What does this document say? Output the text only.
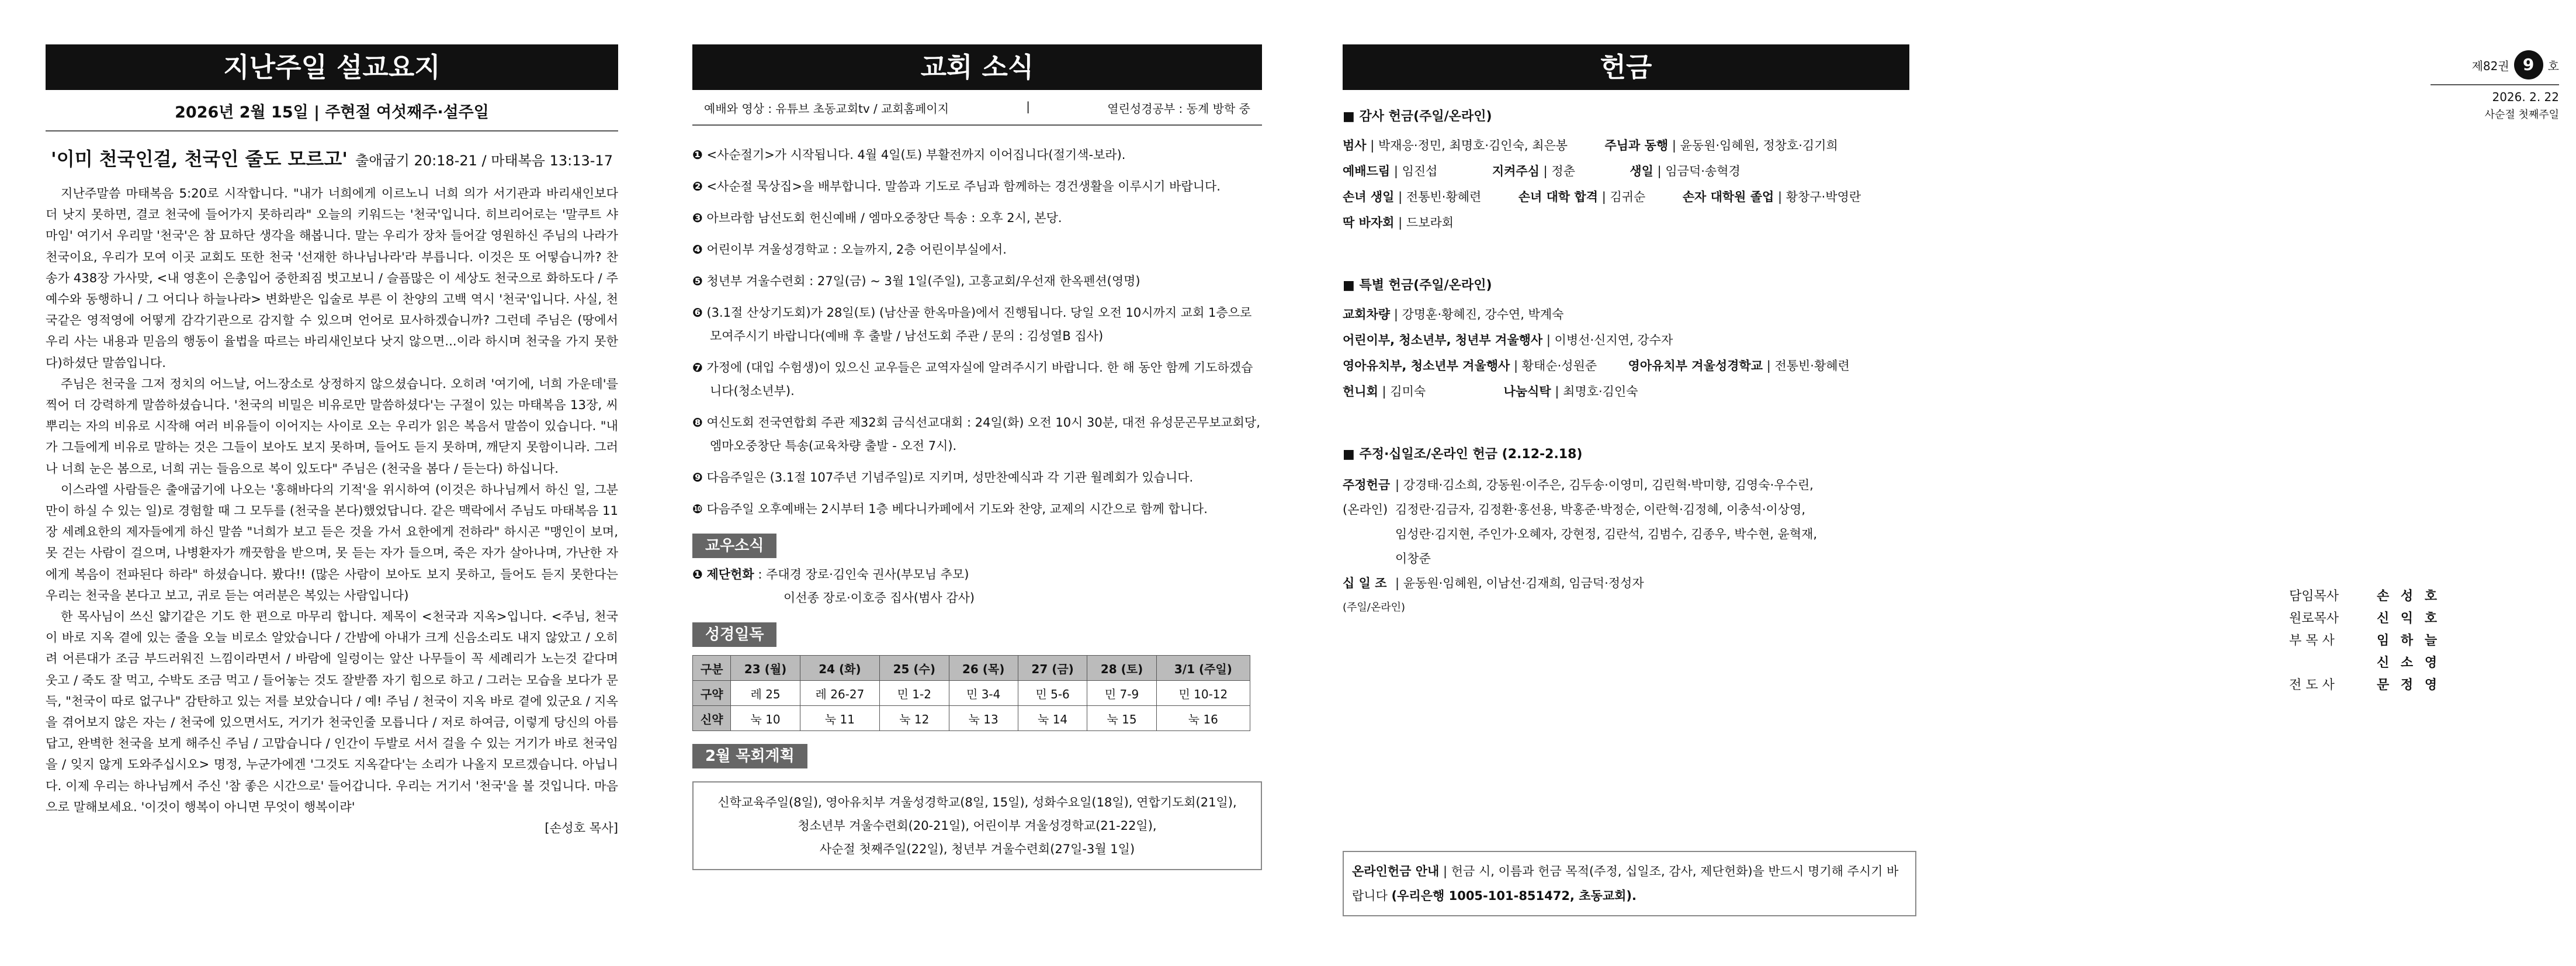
지난주일 설교요지
2026년 2월 15일 | 주현절 여섯째주·설주일
'이미 천국인걸, 천국인 줄도 모르고' 출애굽기 20:18-21 / 마태복음 13:13-17

지난주말씀 마태복음 5:20로 시작합니다. "내가 너희에게 이르노니 너희 의가 서기관과 바리새인보다 더 낫지 못하면, 결코 천국에 들어가지 못하리라" 오늘의 키워드는 '천국'입니다. 히브리어로는 '말쿠트 샤마임' 여기서 우리말 '천국'은 참 묘하단 생각을 해봅니다. 말는 우리가 장차 들어갈 영원하신 주님의 나라가 천국이요, 우리가 모여 이곳 교회도 또한 천국 '선재한 하나님나라'라 부릅니다. 이것은 또 어떻습니까? 찬송가 438장 가사맞, <내 영혼이 은총입어 중한죄짐 벗고보니 / 슬픔많은 이 세상도 천국으로 화하도다 / 주 예수와 동행하니 / 그 어디나 하늘나라> 변화받은 입술로 부른 이 찬양의 고백 역시 '천국'입니다. 사실, 천국같은 영적영에 어떻게 감각기관으로 감지할 수 있으며 언어로 묘사하겠습니까? 그런데 주님은 (땅에서 우리 사는 내용과 믿음의 행동이 율법을 따르는 바리새인보다 낫지 않으면...이라 하시며 천국을 가지 못한다)하셨단 말씀입니다.

주님은 천국을 그저 정치의 어느날, 어느장소로 상정하지 않으셨습니다. 오히려 '여기에, 너희 가운데'를 찍어 더 강력하게 말씀하셨습니다. '천국의 비밀은 비유로만 말씀하셨다'는 구절이 있는 마태복음 13장, 씨 뿌리는 자의 비유로 시작해 여러 비유들이 이어지는 사이로 오는 우리가 읽은 복음서 말씀이 있습니다. "내가 그들에게 비유로 말하는 것은 그들이 보아도 보지 못하며, 들어도 듣지 못하며, 깨닫지 못함이니라. 그러나 너희 눈은 봄으로, 너희 귀는 들음으로 복이 있도다" 주님은 (천국을 봄다 / 듣는다) 하십니다.

이스라엘 사람들은 출애굽기에 나오는 '홍해바다의 기적'을 위시하여 (이것은 하나님께서 하신 일, 그분만이 하실 수 있는 일)로 경험할 때 그 모두를 (천국을 본다)했었답니다. 같은 맥락에서 주님도 마태복음 11장 세례요한의 제자들에게 하신 말씀 "너희가 보고 듣은 것을 가서 요한에게 전하라" 하시곤 "맹인이 보며, 못 걷는 사람이 걸으며, 나병환자가 깨끗함을 받으며, 못 듣는 자가 들으며, 죽은 자가 살아나며, 가난한 자에게 복음이 전파된다 하라" 하셨습니다. 봤다!! (많은 사람이 보아도 보지 못하고, 들어도 듣지 못한다는 우리는 천국을 본다고 보고, 귀로 듣는 여러분은 복있는 사람입니다)

한 목사님이 쓰신 얇기같은 기도 한 편으로 마무리 합니다. 제목이 <천국과 지옥>입니다. <주님, 천국이 바로 지옥 곁에 있는 줄을 오늘 비로소 알았습니다 / 간밤에 아내가 크게 신음소리도 내지 않았고 / 오히려 어른대가 조금 부드러워진 느낌이라면서 / 바람에 일렁이는 앞산 나무들이 꼭 세례리가 노는것 같다며 웃고 / 죽도 잘 먹고, 수박도 조금 먹고 / 들어놓는 것도 잘받쯤 자기 힘으로 하고 / 그러는 모습을 보다가 문득, "천국이 따로 없구나" 감탄하고 있는 저를 보았습니다 / 예! 주님 / 천국이 지옥 바로 곁에 있군요 / 지옥을 겪어보지 않은 자는 / 천국에 있으면서도, 거기가 천국인줄 모릅니다 / 저로 하여금, 이렇게 당신의 아름답고, 완벽한 천국을 보게 해주신 주님 / 고맙습니다 / 인간이 두발로 서서 걸을 수 있는 거기가 바로 천국임을 / 잊지 않게 도와주십시오> 명정, 누군가에겐 '그것도 지옥같다'는 소리가 나올지 모르겠습니다. 아닙니다. 이제 우리는 하나님께서 주신 '참 좋은 시간으로' 들어갑니다. 우리는 거기서 '천국'을 볼 것입니다. 마음으로 말해보세요. '이것이 행복이 아니면 무엇이 행복이랴'

[손성호 목사]

교회 소식
예배와 영상 : 유튜브 초동교회tv / 교회홈페이지	|	열린성경공부 : 동계 방학 중
❶ <사순절기>가 시작됩니다. 4월 4일(토) 부활전까지 이어집니다(절기색-보라).
❷ <사순절 묵상집>을 배부합니다. 말씀과 기도로 주님과 함께하는 경건생활을 이루시기 바랍니다.
❸ 아브라함 남선도회 헌신예배 / 엠마오중창단 특송 : 오후 2시, 본당.
❹ 어린이부 겨울성경학교 : 오늘까지, 2층 어린이부실에서.
❺ 청년부 겨울수련회 : 27일(금) ~ 3월 1일(주일), 고흥교회/우선재 한옥펜션(영명)
❻ (3.1절 산상기도회)가 28일(토) (남산골 한옥마을)에서 진행됩니다. 당일 오전 10시까지 교회 1층으로 모여주시기 바랍니다(예배 후 출발 / 남선도회 주관 / 문의 : 김성열B 집사)
❼ 가정에 (대입 수험생)이 있으신 교우들은 교역자실에 알려주시기 바랍니다. 한 해 동안 함께 기도하겠습니다(청소년부).
❽ 여신도회 전국연합회 주관 제32회 금식선교대회 : 24일(화) 오전 10시 30분, 대전 유성문곤무보교회당, 엠마오중창단 특송(교육차량 출발 - 오전 7시).
❾ 다음주일은 (3.1절 107주년 기념주일)로 지키며, 성만찬예식과 각 기관 월례회가 있습니다.
❿ 다음주일 오후예배는 2시부터 1층 베다니카페에서 기도와 찬양, 교제의 시간으로 함께 합니다.
교우소식
❶ 제단헌화 : 주대경 장로·김인숙 권사(부모님 추모)
이선종 장로·이호증 집사(범사 감사)
성경일독
구분	23 (월)	24 (화)	25 (수)	26 (목)	27 (금)	28 (토)	3/1 (주일)
구약	레 25	레 26-27	민 1-2	민 3-4	민 5-6	민 7-9	민 10-12
신약	눅 10	눅 11	눅 12	눅 13	눅 14	눅 15	눅 16
2월 목회계획
신학교육주일(8일), 영아유치부 겨울성경학교(8일, 15일), 성화수요일(18일), 연합기도회(21일),
청소년부 겨울수련회(20-21일), 어린이부 겨울성경학교(21-22일),
사순절 첫째주일(22일), 청년부 겨울수련회(27일-3월 1일)
헌금
■ 감사 헌금(주일/온라인)
범사 | 박재응·정민, 최명호·김인숙, 최은봉	주님과 동행 | 윤동원·임혜원, 정창호·김기희
예배드림 | 임진섭	지켜주심 | 정춘	생일 | 임금덕·송혁경
손녀 생일 | 전통빈·황혜련	손녀 대학 합격 | 김귀순	손자 대학원 졸업 | 황창구·박영란
딱 바자회 | 드보라회
■ 특별 헌금(주일/온라인)
교회차량 | 강명훈·황혜진, 강수연, 박계숙
어린이부, 청소년부, 청년부 겨울행사 | 이병선·신지연, 강수자
영아유치부, 청소년부 겨울행사 | 황태순·성원준	영아유치부 겨울성경학교 | 전통빈·황혜련
헌니회 | 김미숙	나눔식탁 | 최명호·김인숙
■ 주정·십일조/온라인 헌금 (2.12-2.18)
주정헌금 | 강경태·김소희, 강동원·이주은, 김두송·이영미, 김린혁·박미향, 김영숙·우수린,
(온라인) 김정란·김금자, 김정환·홍선용, 박홍준·박정순, 이란혁·김정혜, 이충석·이상영,
임성란·김지현, 주인가·오혜자, 강현정, 김란석, 김범수, 김종우, 박수현, 윤혁재,
이창준
십 일 조 | 윤동원·임혜원, 이남선·김재희, 임금덕·정성자
(주일/온라인)
온라인헌금 안내 | 헌금 시, 이름과 헌금 목적(주정, 십일조, 감사, 제단헌화)을 반드시 명기해 주시기 바랍니다 (우리은행 1005-101-851472, 초동교회).
제82권 9	호
2026. 2. 22
사순절 첫째주일
담임목사	손 성 호
원로목사	신 익 호
부 목 사	임 하 늘
신 소 영
전 도 사	문 정 영
